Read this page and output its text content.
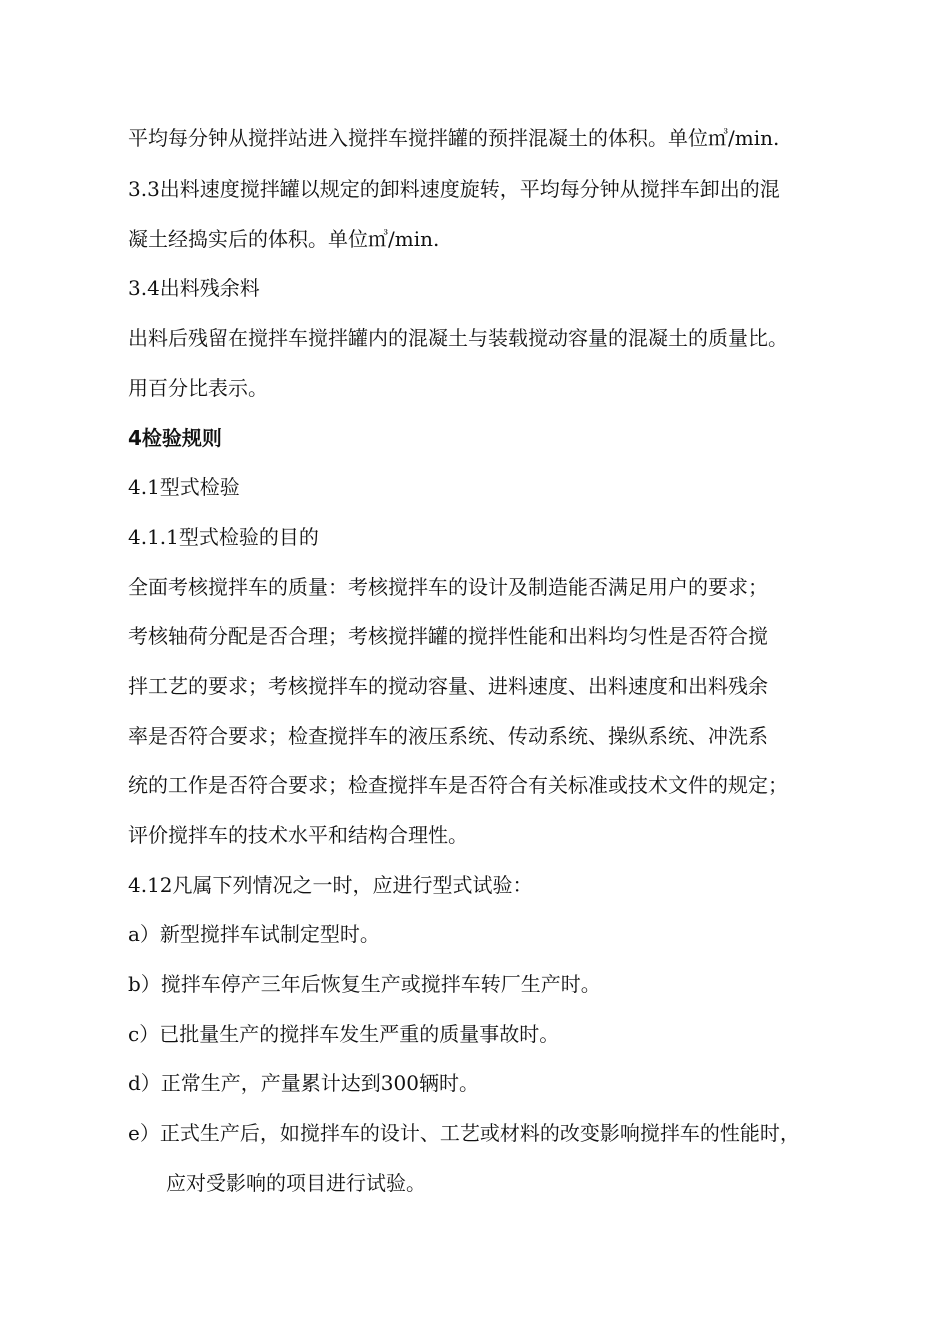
平均每分钟从搅拌站进入搅拌车搅拌罐的预拌混凝土的体积。单位㎥/min.
3.3出料速度搅拌罐以规定的卸料速度旋转，平均每分钟从搅拌车卸出的混
凝土经捣实后的体积。单位㎥/min.
3.4出料残余料
出料后残留在搅拌车搅拌罐内的混凝土与装载搅动容量的混凝土的质量比。
用百分比表示。
4检验规则
4.1型式检验
4.1.1型式检验的目的
全面考核搅拌车的质量：考核搅拌车的设计及制造能否满足用户的要求；
考核轴荷分配是否合理；考核搅拌罐的搅拌性能和出料均匀性是否符合搅
拌工艺的要求；考核搅拌车的搅动容量、进料速度、出料速度和出料残余
率是否符合要求；检查搅拌车的液压系统、传动系统、操纵系统、冲洗系
统的工作是否符合要求；检查搅拌车是否符合有关标准或技术文件的规定；
评价搅拌车的技术水平和结构合理性。
4.12凡属下列情况之一时，应进行型式试验：
a）新型搅拌车试制定型时。
b）搅拌车停产三年后恢复生产或搅拌车转厂生产时。
c）已批量生产的搅拌车发生严重的质量事故时。
d）正常生产，产量累计达到300辆时。
e）正式生产后，如搅拌车的设计、工艺或材料的改变影响搅拌车的性能时，
应对受影响的项目进行试验。
